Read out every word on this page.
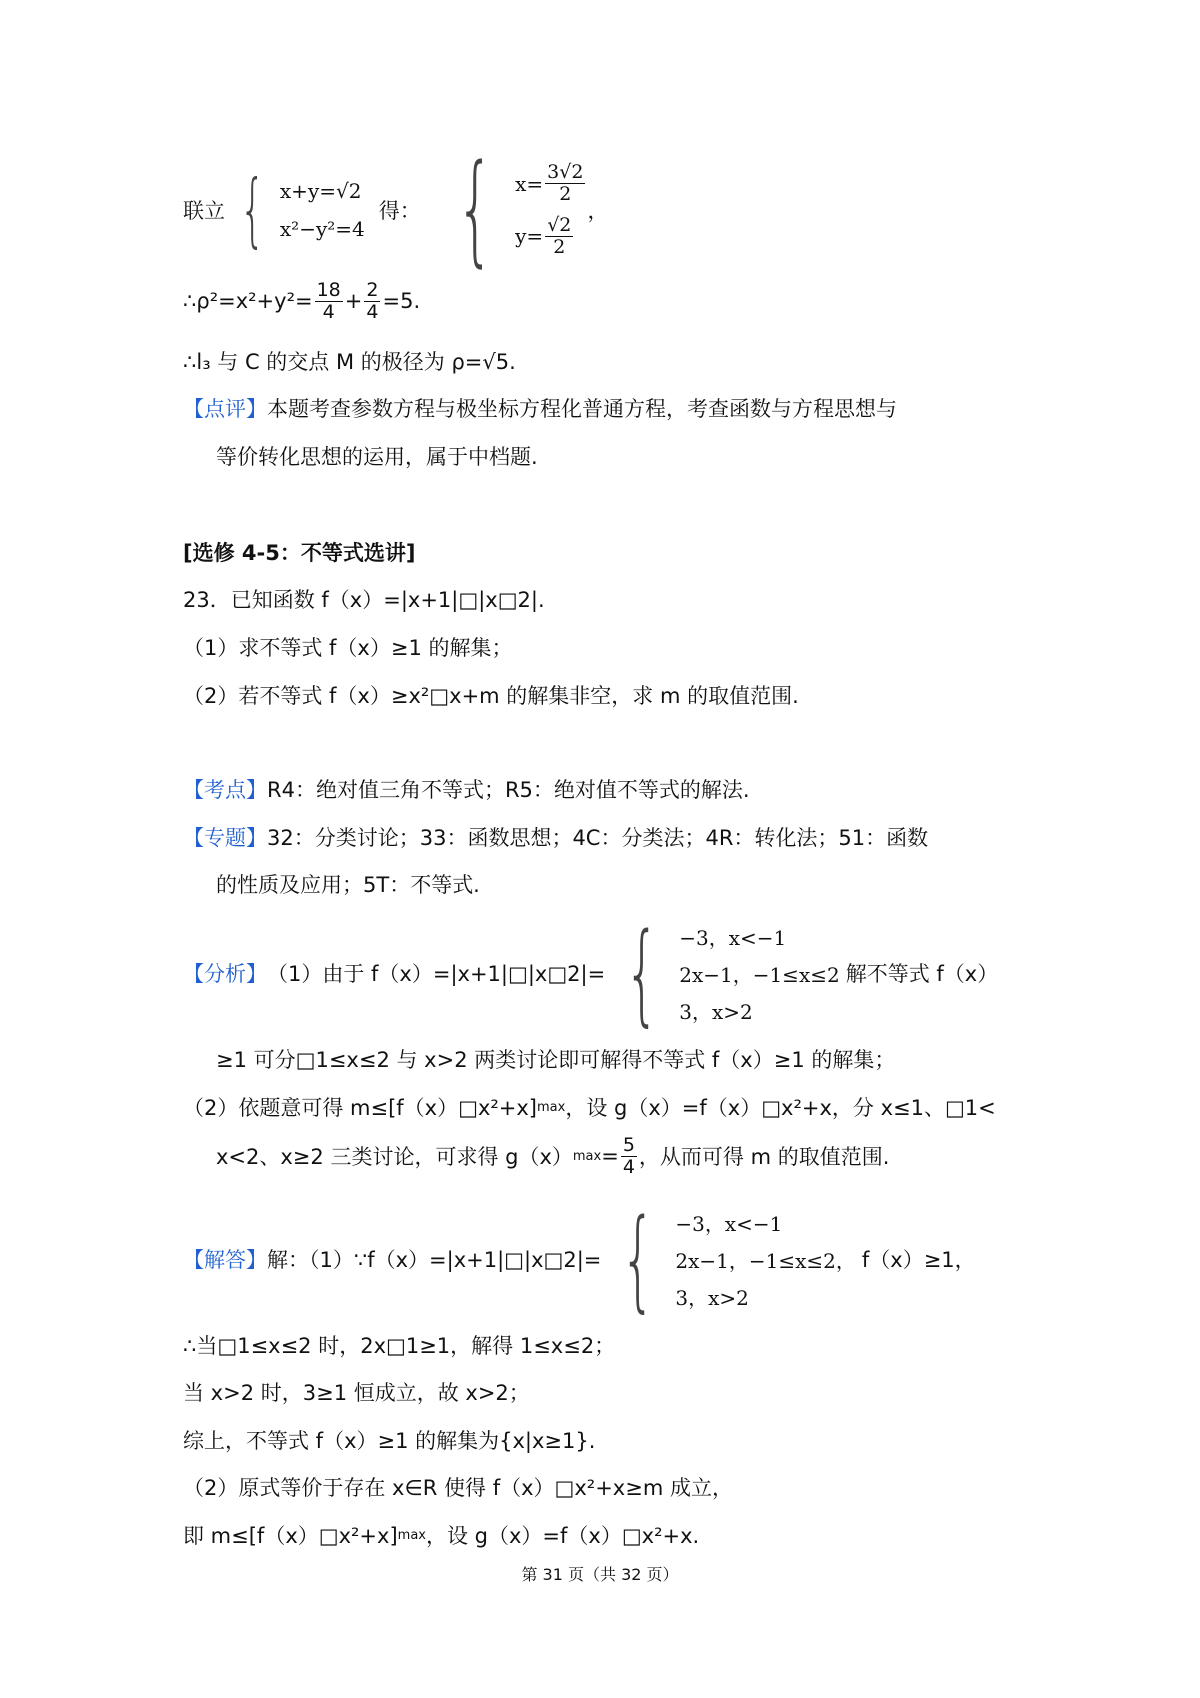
联立 { x+y=√2
x²−y²=4
得： { $x= \frac{3√2}{2}$
$y= \frac{√2}{2}$
，
∴ρ²=x²+y²= $\frac{18}{4} + \frac{2}{4} =5$.
∴l₃ 与 C 的交点 M 的极径为 ρ=√5.
【点评】 本题考查参数方程与极坐标方程化普通方程，考查函数与方程思想与
等价转化思想的运用，属于中档题.
[选修 4-5：不等式选讲]
23．已知函数 f（x）=|x+1|□|x□2|.
（1）求不等式 f（x）≥1 的解集；
（2）若不等式 f（x）≥x²□x+m 的解集非空，求 m 的取值范围.
【考点】 R4：绝对值三角不等式；R5：绝对值不等式的解法.
【专题】 32：分类讨论；33：函数思想；4C：分类法；4R：转化法；51：函数
的性质及应用；5T：不等式.
【分析】 （1）由于 f（x）=|x+1|□|x□2|= { −3，x<−1
2x−1，−1≤x≤2
3，x>2
解不等式 f（x）
≥1 可分□1≤x≤2 与 x>2 两类讨论即可解得不等式 f（x）≥1 的解集；
（2）依题意可得 m≤[f（x）□x²+x] max ，设 g（x）=f（x）□x²+x，分 x≤1、□1<
x<2、x≥2 三类讨论，可求得 g（x） $\max = \frac{5}{4}$ ，从而可得 m 的取值范围.
【解答】 解：（1）∵f（x）=|x+1|□|x□2|= { −3，x<−1
2x−1，−1≤x≤2，
3，x>2
f（x）≥1，
∴当□1≤x≤2 时，2x□1≥1，解得 1≤x≤2；
当 x>2 时，3≥1 恒成立，故 x>2；
综上，不等式 f（x）≥1 的解集为{x|x≥1}.
（2）原式等价于存在 x∈R 使得 f（x）□x²+x≥m 成立，
即 m≤[f（x）□x²+x] max ，设 g（x）=f（x）□x²+x.
第 31 页（共 32 页）
